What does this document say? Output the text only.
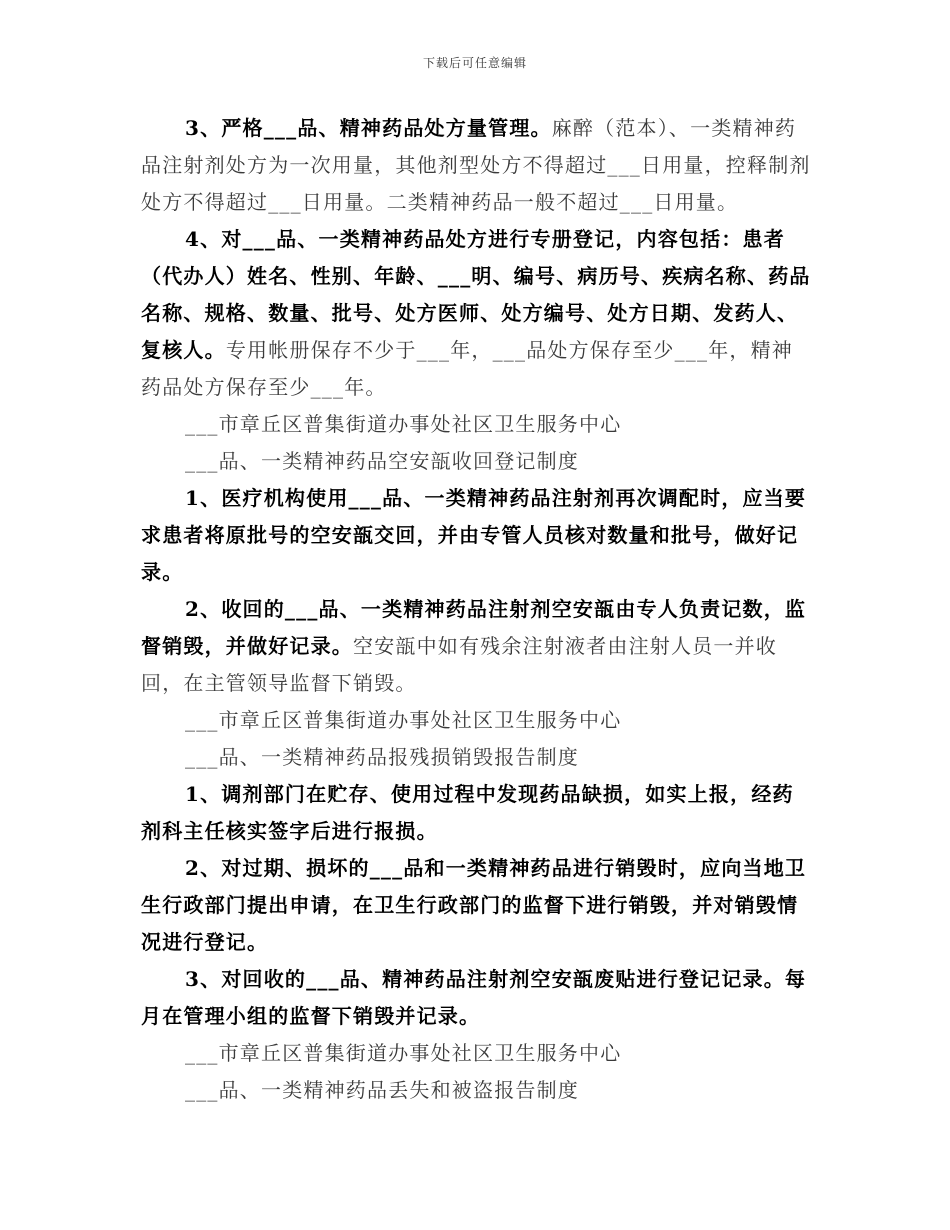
下载后可任意编辑

3、严格___品、精神药品处方量管理。麻醉（范本）、一类精神药品注射剂处方为一次用量，其他剂型处方不得超过___日用量，控释制剂处方不得超过___日用量。二类精神药品一般不超过___日用量。

4、对___品、一类精神药品处方进行专册登记，内容包括：患者（代办人）姓名、性别、年龄、___明、编号、病历号、疾病名称、药品名称、规格、数量、批号、处方医师、处方编号、处方日期、发药人、复核人。专用帐册保存不少于___年，___品处方保存至少___年，精神药品处方保存至少___年。

___市章丘区普集街道办事处社区卫生服务中心

___品、一类精神药品空安瓿收回登记制度

1、医疗机构使用___品、一类精神药品注射剂再次调配时，应当要求患者将原批号的空安瓿交回，并由专管人员核对数量和批号，做好记录。

2、收回的___品、一类精神药品注射剂空安瓿由专人负责记数，监督销毁，并做好记录。空安瓿中如有残余注射液者由注射人员一并收回，在主管领导监督下销毁。

___市章丘区普集街道办事处社区卫生服务中心

___品、一类精神药品报残损销毁报告制度

1、调剂部门在贮存、使用过程中发现药品缺损，如实上报，经药剂科主任核实签字后进行报损。

2、对过期、损坏的___品和一类精神药品进行销毁时，应向当地卫生行政部门提出申请，在卫生行政部门的监督下进行销毁，并对销毁情况进行登记。

3、对回收的___品、精神药品注射剂空安瓿废贴进行登记记录。每月在管理小组的监督下销毁并记录。

___市章丘区普集街道办事处社区卫生服务中心

___品、一类精神药品丢失和被盗报告制度
